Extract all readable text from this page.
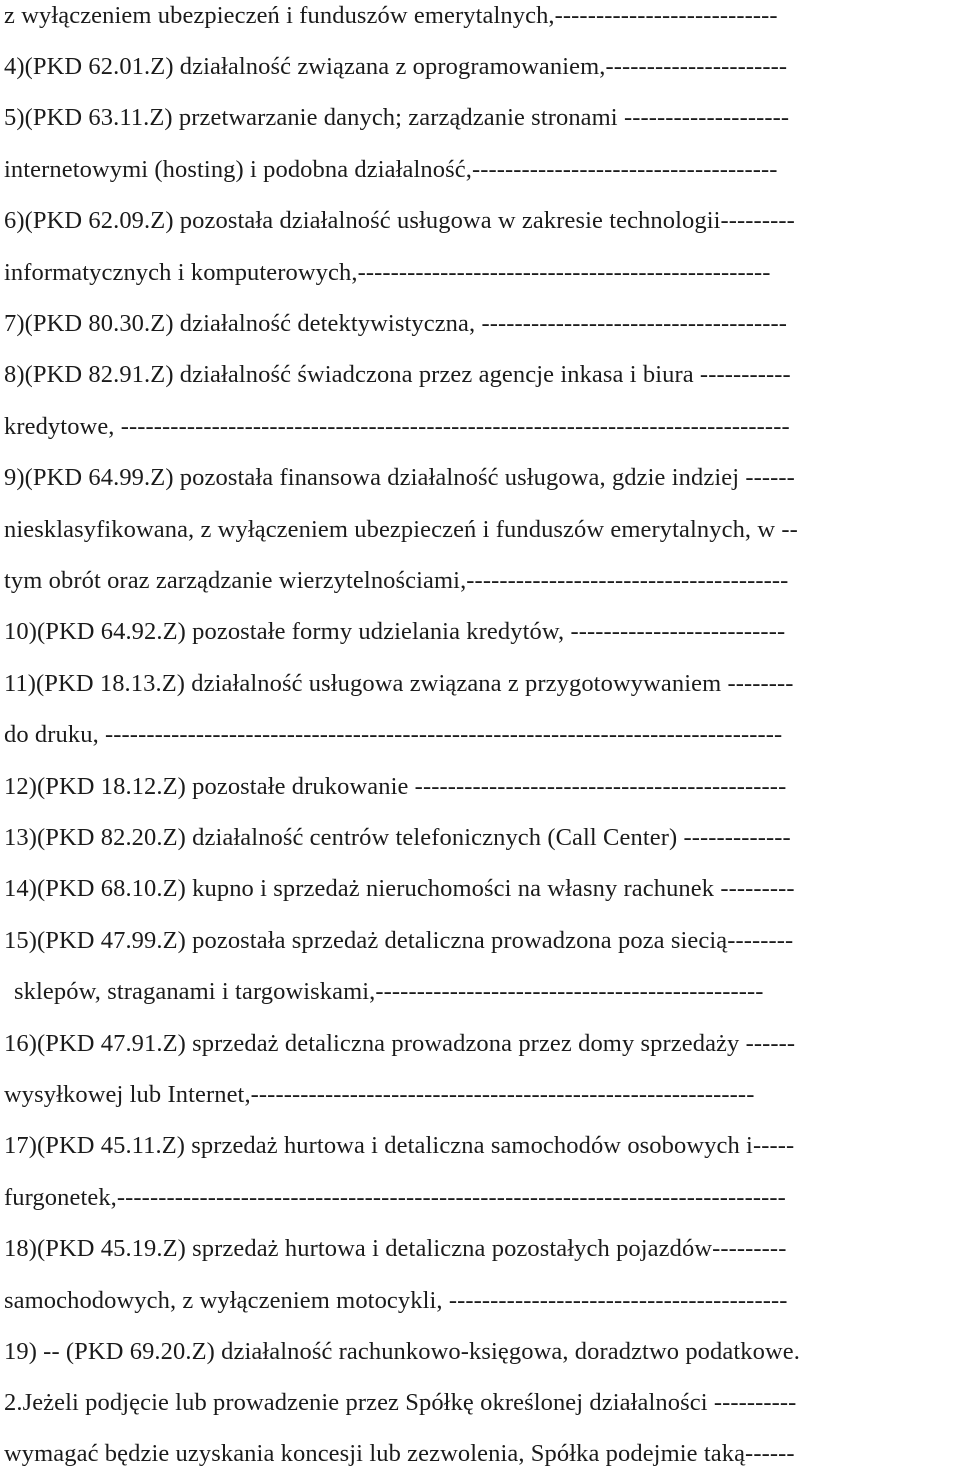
z wyłączeniem ubezpieczeń i funduszów emerytalnych,---------------------------
4)(PKD 62.01.Z) działalność związana z oprogramowaniem,----------------------
5)(PKD 63.11.Z) przetwarzanie danych; zarządzanie stronami --------------------
internetowymi (hosting) i podobna działalność,-------------------------------------
6)(PKD 62.09.Z) pozostała działalność usługowa w zakresie technologii---------
informatycznych i komputerowych,--------------------------------------------------
7)(PKD 80.30.Z) działalność detektywistyczna, -------------------------------------
8)(PKD 82.91.Z) działalność świadczona przez agencje inkasa i biura -----------
kredytowe, ---------------------------------------------------------------------------------
9)(PKD 64.99.Z) pozostała finansowa działalność usługowa, gdzie indziej ------
niesklasyfikowana, z wyłączeniem ubezpieczeń i funduszów emerytalnych, w --
tym obrót oraz zarządzanie wierzytelnościami,---------------------------------------
10)(PKD 64.92.Z) pozostałe formy udzielania kredytów, --------------------------
11)(PKD 18.13.Z) działalność usługowa związana z przygotowywaniem --------
do druku, ----------------------------------------------------------------------------------
12)(PKD 18.12.Z) pozostałe drukowanie ---------------------------------------------
13)(PKD 82.20.Z) działalność centrów telefonicznych (Call Center) -------------
14)(PKD 68.10.Z) kupno i sprzedaż nieruchomości na własny rachunek ---------
15)(PKD 47.99.Z) pozostała sprzedaż detaliczna prowadzona poza siecią--------
sklepów, straganami i targowiskami,-----------------------------------------------
16)(PKD 47.91.Z) sprzedaż detaliczna prowadzona przez domy sprzedaży ------
wysyłkowej lub Internet,-------------------------------------------------------------
17)(PKD 45.11.Z) sprzedaż hurtowa i detaliczna samochodów osobowych i-----
furgonetek,---------------------------------------------------------------------------------
18)(PKD 45.19.Z) sprzedaż hurtowa i detaliczna pozostałych pojazdów---------
samochodowych, z wyłączeniem motocykli, -----------------------------------------
19) -- (PKD 69.20.Z) działalność rachunkowo-księgowa, doradztwo podatkowe.
2.Jeżeli podjęcie lub prowadzenie przez Spółkę określonej działalności ----------
wymagać będzie uzyskania koncesji lub zezwolenia, Spółka podejmie taką------
